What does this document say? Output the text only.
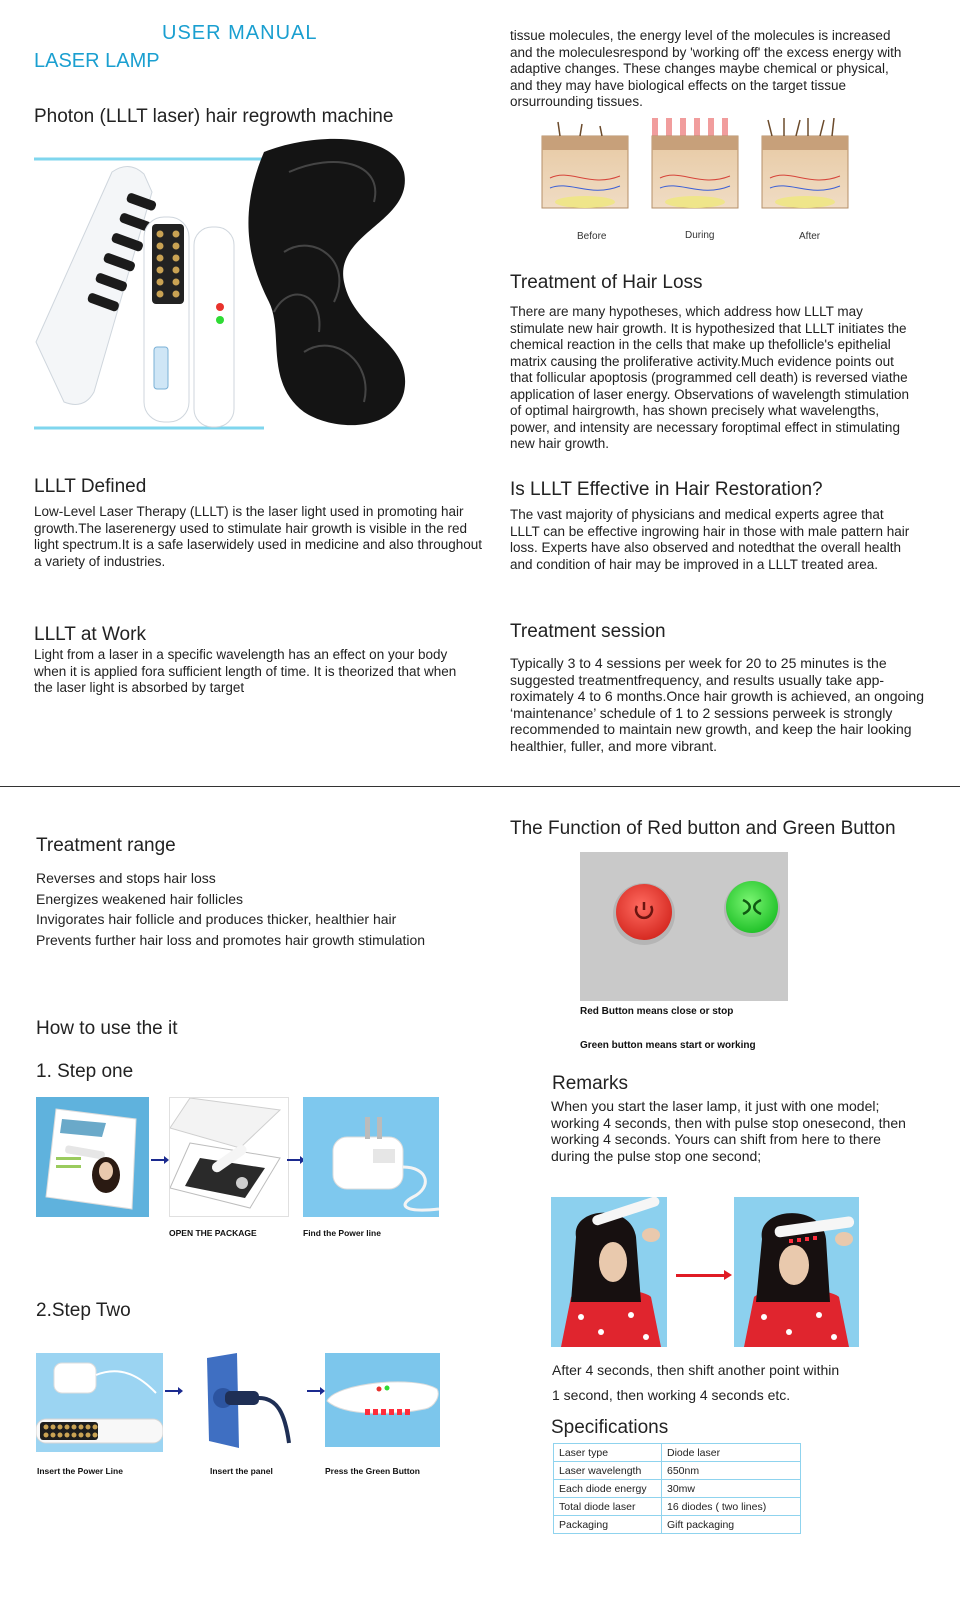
USER MANUAL
LASER LAMP
Photon (LLLT laser) hair regrowth machine
LLLT Defined
Low-Level Laser Therapy (LLLT) is the laser light used in promoting hair growth.The laserenergy used to stimulate hair growth is visible in the red light spectrum.It is a safe laserwidely used in medicine and also throughout a variety of industries.
LLLT at Work
Light from a laser in a specific wavelength has an effect on your body when it is applied fora sufficient length of time. It is theorized that when the laser light is absorbed by target
tissue molecules, the energy level of the molecules is increased and the moleculesrespond by 'working off' the excess energy with adaptive changes. These changes maybe chemical or physical, and they may have biological effects on the target tissue orsurrounding tissues.
Before	During	After
Treatment of Hair Loss
There are many hypotheses, which address how LLLT may stimulate new hair growth. It is hypothesized that LLLT initiates the chemical reaction in the cells that make up thefollicle's epithelial matrix causing the proliferative activity.Much evidence points out that follicular apoptosis (programmed cell death) is reversed viathe application of laser energy. Observations of wavelength stimulation of optimal hairgrowth, has shown precisely what wavelengths, power, and intensity are necessary foroptimal effect in stimulating new hair growth.
Is LLLT Effective in Hair Restoration?
The vast majority of physicians and medical experts agree that LLLT can be effective ingrowing hair in those with male pattern hair loss. Experts have also observed and notedthat the overall health and condition of hair may be improved in a LLLT treated area.
Treatment session
Typically 3 to 4 sessions per week for 20 to 25 minutes is the suggested treatmentfrequency, and results usually take app-roximately 4 to 6 months.Once hair growth is achieved, an ongoing ‘maintenance’ schedule of 1 to 2 sessions perweek is strongly recommended to maintain new growth, and keep the hair looking healthier, fuller, and more vibrant.
Treatment range
Reverses and stops hair loss
Energizes weakened hair follicles
Invigorates hair follicle and produces thicker, healthier hair
Prevents further hair loss and promotes hair growth stimulation
How to use the it
1. Step one
OPEN THE PACKAGE	Find the Power line
2.Step Two
Insert the Power Line	Insert the panel	Press the Green Button
The Function of Red button and Green Button
Red Button means close or stop
Green button means start or working
Remarks
When you start the laser lamp, it just with one model; working 4 seconds, then with pulse stop onesecond, then working 4 seconds. Yours can shift from here to there during the pulse stop one second;
After 4 seconds, then shift another point within
1 second, then working 4 seconds etc.
Specifications
Laser type	Diode laser
Laser wavelength	650nm
Each diode energy	30mw
Total diode laser	16 diodes ( two lines)
Packaging	Gift packaging
